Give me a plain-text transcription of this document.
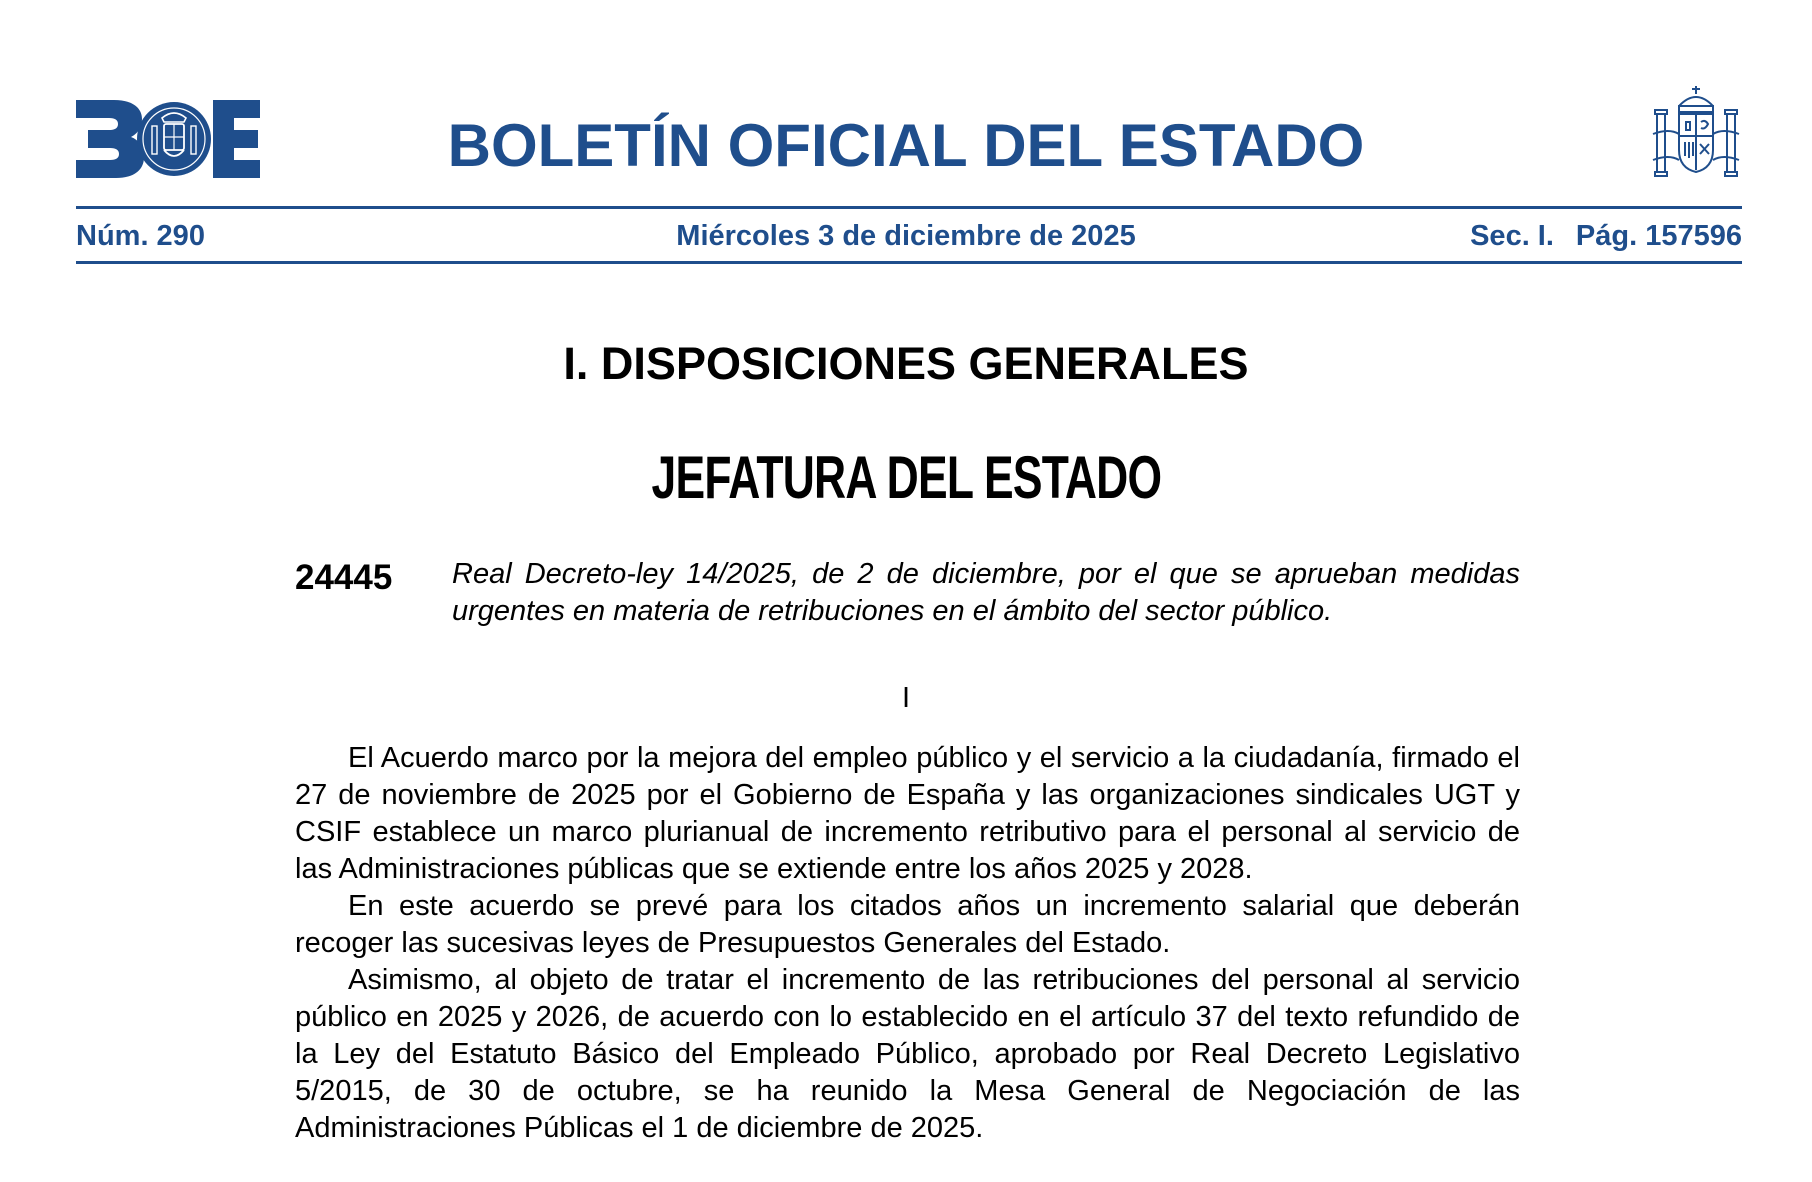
BOLETÍN OFICIAL DEL ESTADO
Núm. 290	Miércoles 3 de diciembre de 2025	Sec. I. Pág. 157596
I. DISPOSICIONES GENERALES
JEFATURA DEL ESTADO
24445 Real Decreto-ley 14/2025, de 2 de diciembre, por el que se aprueban medidas urgentes en materia de retribuciones en el ámbito del sector público.

I

El Acuerdo marco por la mejora del empleo público y el servicio a la ciudadanía, firmado el 27 de noviembre de 2025 por el Gobierno de España y las organizaciones sindicales UGT y CSIF establece un marco plurianual de incremento retributivo para el personal al servicio de las Administraciones públicas que se extiende entre los años 2025 y 2028.

En este acuerdo se prevé para los citados años un incremento salarial que deberán recoger las sucesivas leyes de Presupuestos Generales del Estado.

Asimismo, al objeto de tratar el incremento de las retribuciones del personal al servicio público en 2025 y 2026, de acuerdo con lo establecido en el artículo 37 del texto refundido de la Ley del Estatuto Básico del Empleado Público, aprobado por Real Decreto Legislativo 5/2015, de 30 de octubre, se ha reunido la Mesa General de Negociación de las Administraciones Públicas el 1 de diciembre de 2025.
